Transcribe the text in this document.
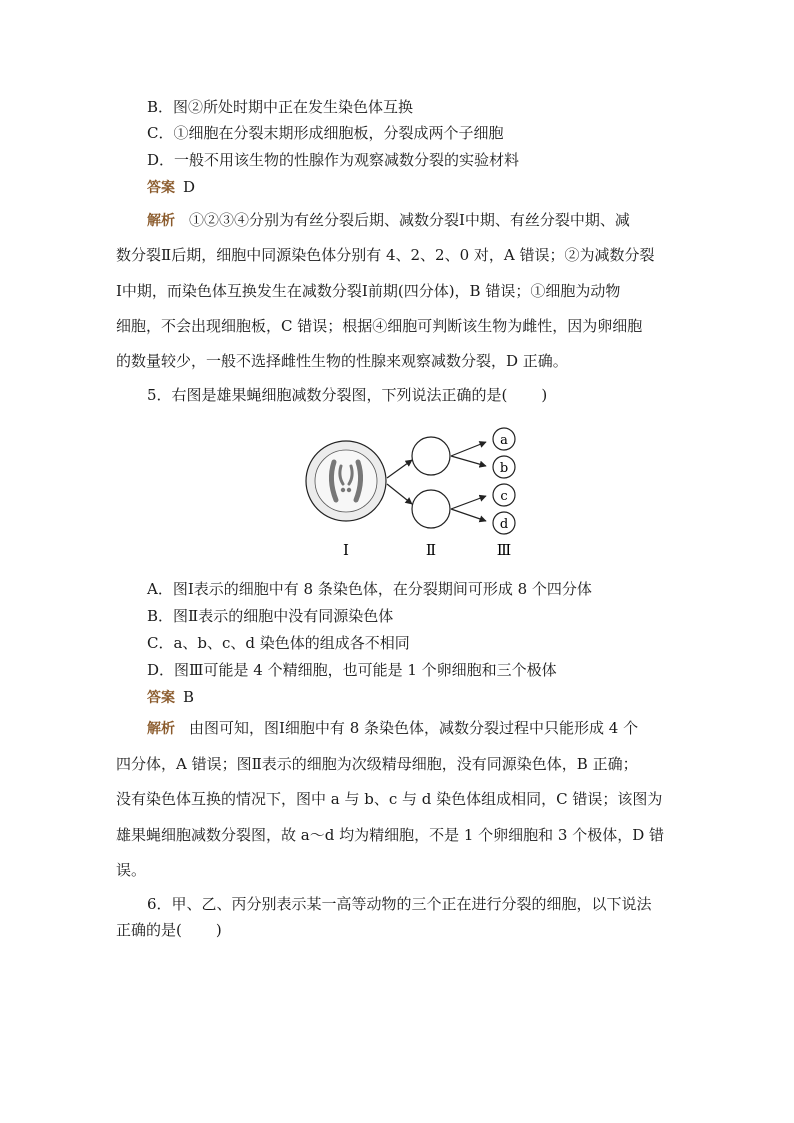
B．图②所处时期中正在发生染色体互换
C．①细胞在分裂末期形成细胞板，分裂成两个子细胞
D．一般不用该生物的性腺作为观察减数分裂的实验材料
答案 D
解析 ①②③④分别为有丝分裂后期、减数分裂Ⅰ中期、有丝分裂中期、减
数分裂Ⅱ后期，细胞中同源染色体分别有 4、2、2、0 对，A 错误；②为减数分裂
Ⅰ中期，而染色体互换发生在减数分裂Ⅰ前期(四分体)，B 错误；①细胞为动物
细胞，不会出现细胞板，C 错误；根据④细胞可判断该生物为雌性，因为卵细胞
的数量较少，一般不选择雌性生物的性腺来观察减数分裂，D 正确。
5．右图是雄果蝇细胞减数分裂图，下列说法正确的是( )
a
b
c
d
Ⅰ	Ⅱ	Ⅲ
A．图Ⅰ表示的细胞中有 8 条染色体，在分裂期间可形成 8 个四分体
B．图Ⅱ表示的细胞中没有同源染色体
C．a、b、c、d 染色体的组成各不相同
D．图Ⅲ可能是 4 个精细胞，也可能是 1 个卵细胞和三个极体
答案 B
解析 由图可知，图Ⅰ细胞中有 8 条染色体，减数分裂过程中只能形成 4 个
四分体，A 错误；图Ⅱ表示的细胞为次级精母细胞，没有同源染色体，B 正确；
没有染色体互换的情况下，图中 a 与 b、c 与 d 染色体组成相同，C 错误；该图为
雄果蝇细胞减数分裂图，故 a～d 均为精细胞，不是 1 个卵细胞和 3 个极体，D 错
误。
6．甲、乙、丙分别表示某一高等动物的三个正在进行分裂的细胞，以下说法
正确的是( )
